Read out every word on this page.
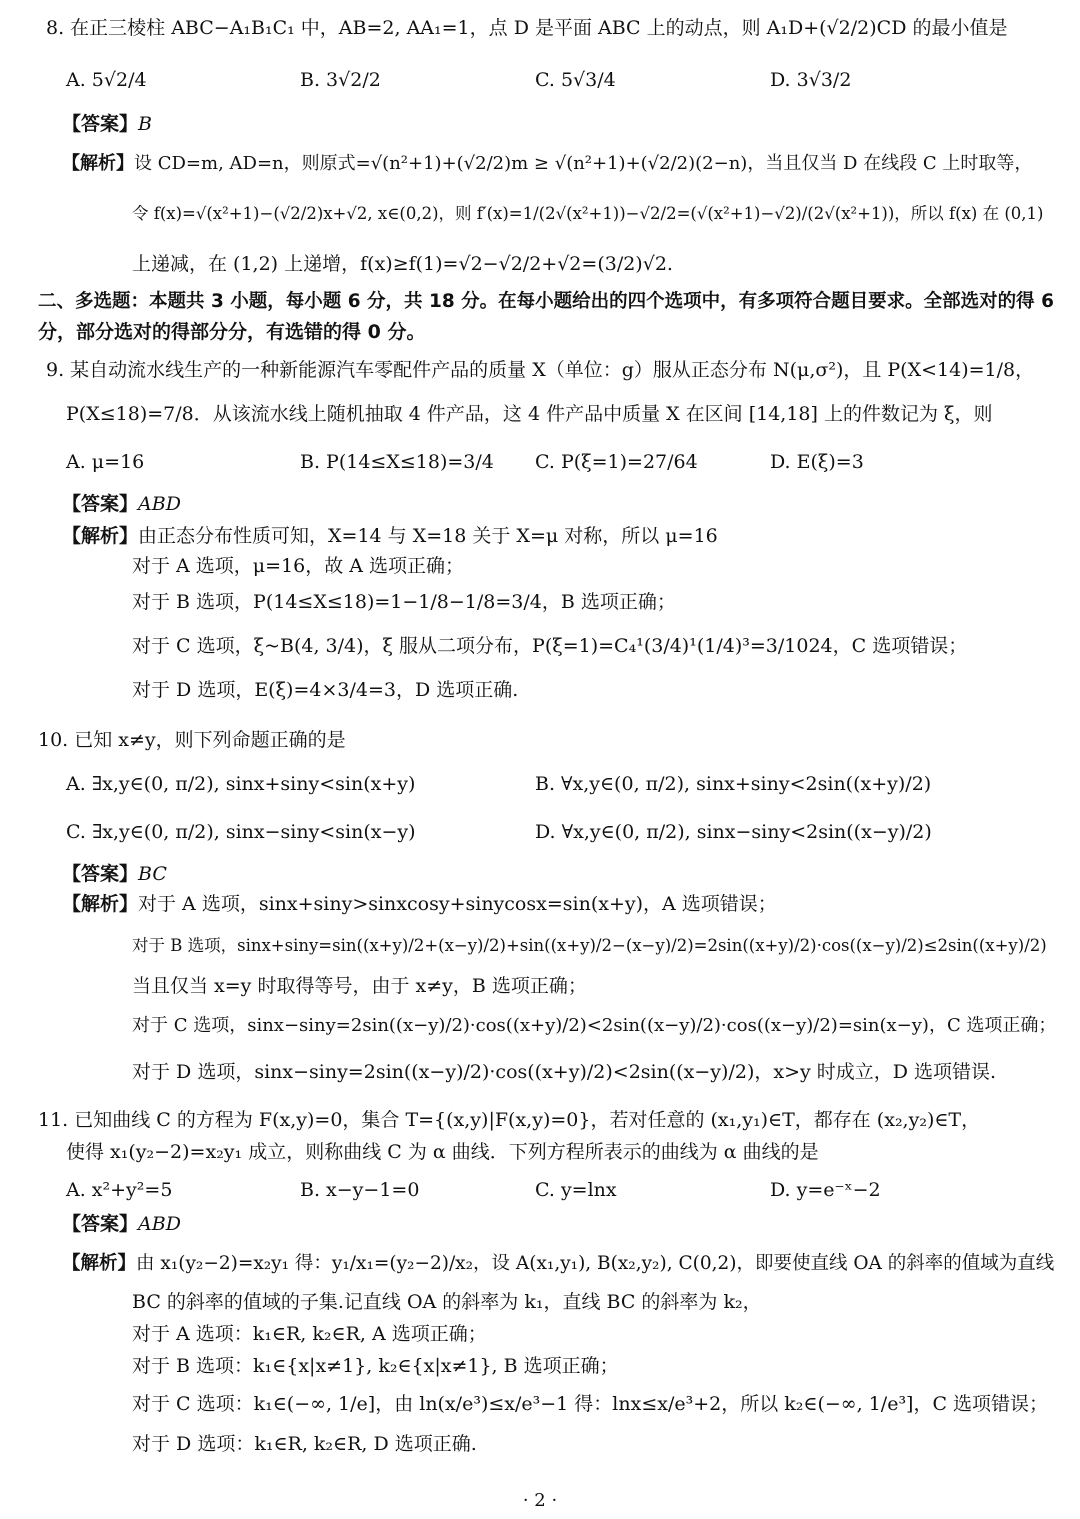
8. 在正三棱柱 ABC−A₁B₁C₁ 中，AB=2, AA₁=1，点 D 是平面 ABC 上的动点，则 A₁D+(√2/2)CD 的最小值是
A. 5√2/4	B. 3√2/2	C. 5√3/4	D. 3√3/2
【答案】B
【解析】设 CD=m, AD=n，则原式=√(n²+1)+(√2/2)m ≥ √(n²+1)+(√2/2)(2−n)，当且仅当 D 在线段 C 上时取等，
令 f(x)=√(x²+1)−(√2/2)x+√2, x∈(0,2)，则 f′(x)=1/(2√(x²+1))−√2/2=(√(x²+1)−√2)/(2√(x²+1))，所以 f(x) 在 (0,1)
上递减，在 (1,2) 上递增，f(x)≥f(1)=√2−√2/2+√2=(3/2)√2.
二、多选题：本题共 3 小题，每小题 6 分，共 18 分。在每小题给出的四个选项中，有多项符合题目要求。全部选对的得 6
分，部分选对的得部分分，有选错的得 0 分。
9. 某自动流水线生产的一种新能源汽车零配件产品的质量 X（单位：g）服从正态分布 N(μ,σ²)，且 P(X<14)=1/8，
P(X≤18)=7/8．从该流水线上随机抽取 4 件产品，这 4 件产品中质量 X 在区间 [14,18] 上的件数记为 ξ，则
A. μ=16	B. P(14≤X≤18)=3/4 C. P(ξ=1)=27/64	D. E(ξ)=3
【答案】ABD
【解析】由正态分布性质可知，X=14 与 X=18 关于 X=μ 对称，所以 μ=16
对于 A 选项，μ=16，故 A 选项正确；
对于 B 选项，P(14≤X≤18)=1−1/8−1/8=3/4，B 选项正确；
对于 C 选项，ξ~B(4, 3/4)，ξ 服从二项分布，P(ξ=1)=C₄¹(3/4)¹(1/4)³=3/1024，C 选项错误；
对于 D 选项，E(ξ)=4×3/4=3，D 选项正确.
10. 已知 x≠y，则下列命题正确的是
A. ∃x,y∈(0, π/2), sinx+siny<sin(x+y)	B. ∀x,y∈(0, π/2), sinx+siny<2sin((x+y)/2)
C. ∃x,y∈(0, π/2), sinx−siny<sin(x−y)	D. ∀x,y∈(0, π/2), sinx−siny<2sin((x−y)/2)
【答案】BC
【解析】对于 A 选项，sinx+siny>sinxcosy+sinycosx=sin(x+y)，A 选项错误；
对于 B 选项，sinx+siny=sin((x+y)/2+(x−y)/2)+sin((x+y)/2−(x−y)/2)=2sin((x+y)/2)·cos((x−y)/2)≤2sin((x+y)/2)
当且仅当 x=y 时取得等号，由于 x≠y，B 选项正确；
对于 C 选项，sinx−siny=2sin((x−y)/2)·cos((x+y)/2)<2sin((x−y)/2)·cos((x−y)/2)=sin(x−y)，C 选项正确；
对于 D 选项，sinx−siny=2sin((x−y)/2)·cos((x+y)/2)<2sin((x−y)/2)，x>y 时成立，D 选项错误.
11. 已知曲线 C 的方程为 F(x,y)=0，集合 T={(x,y)|F(x,y)=0}，若对任意的 (x₁,y₁)∈T，都存在 (x₂,y₂)∈T，
使得 x₁(y₂−2)=x₂y₁ 成立，则称曲线 C 为 α 曲线．下列方程所表示的曲线为 α 曲线的是
A. x²+y²=5	B. x−y−1=0	C. y=lnx	D. y=e⁻ˣ−2
【答案】ABD
【解析】由 x₁(y₂−2)=x₂y₁ 得：y₁/x₁=(y₂−2)/x₂，设 A(x₁,y₁), B(x₂,y₂), C(0,2)，即要使直线 OA 的斜率的值域为直线
BC 的斜率的值域的子集.记直线 OA 的斜率为 k₁，直线 BC 的斜率为 k₂，
对于 A 选项：k₁∈R, k₂∈R, A 选项正确；
对于 B 选项：k₁∈{x|x≠1}, k₂∈{x|x≠1}, B 选项正确；
对于 C 选项：k₁∈(−∞, 1/e]，由 ln(x/e³)≤x/e³−1 得：lnx≤x/e³+2，所以 k₂∈(−∞, 1/e³]，C 选项错误；
对于 D 选项：k₁∈R, k₂∈R, D 选项正确.
· 2 ·
